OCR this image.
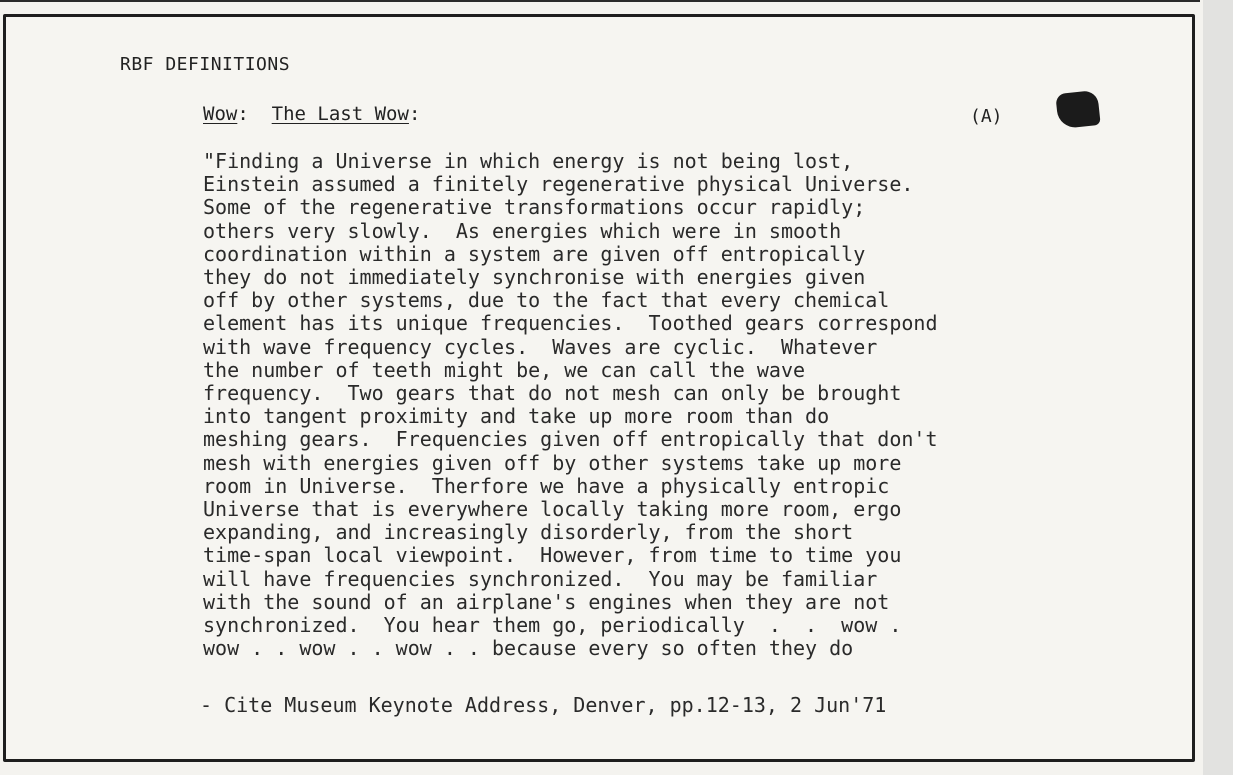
RBF DEFINITIONS
Wow: The Last Wow:	(A)
"Finding a Universe in which energy is not being lost,
Einstein assumed a finitely regenerative physical Universe.
Some of the regenerative transformations occur rapidly;
others very slowly.  As energies which were in smooth
coordination within a system are given off entropically
they do not immediately synchronise with energies given
off by other systems, due to the fact that every chemical
element has its unique frequencies.  Toothed gears correspond
with wave frequency cycles.  Waves are cyclic.  Whatever
the number of teeth might be, we can call the wave
frequency.  Two gears that do not mesh can only be brought
into tangent proximity and take up more room than do
meshing gears.  Frequencies given off entropically that don't
mesh with energies given off by other systems take up more
room in Universe.  Therfore we have a physically entropic
Universe that is everywhere locally taking more room, ergo
expanding, and increasingly disorderly, from the short
time-span local viewpoint.  However, from time to time you
will have frequencies synchronized.  You may be familiar
with the sound of an airplane's engines when they are not
synchronized.  You hear them go, periodically  .  .  wow .
wow . . wow . . wow . . because every so often they do
- Cite Museum Keynote Address, Denver, pp.12-13, 2 Jun'71
